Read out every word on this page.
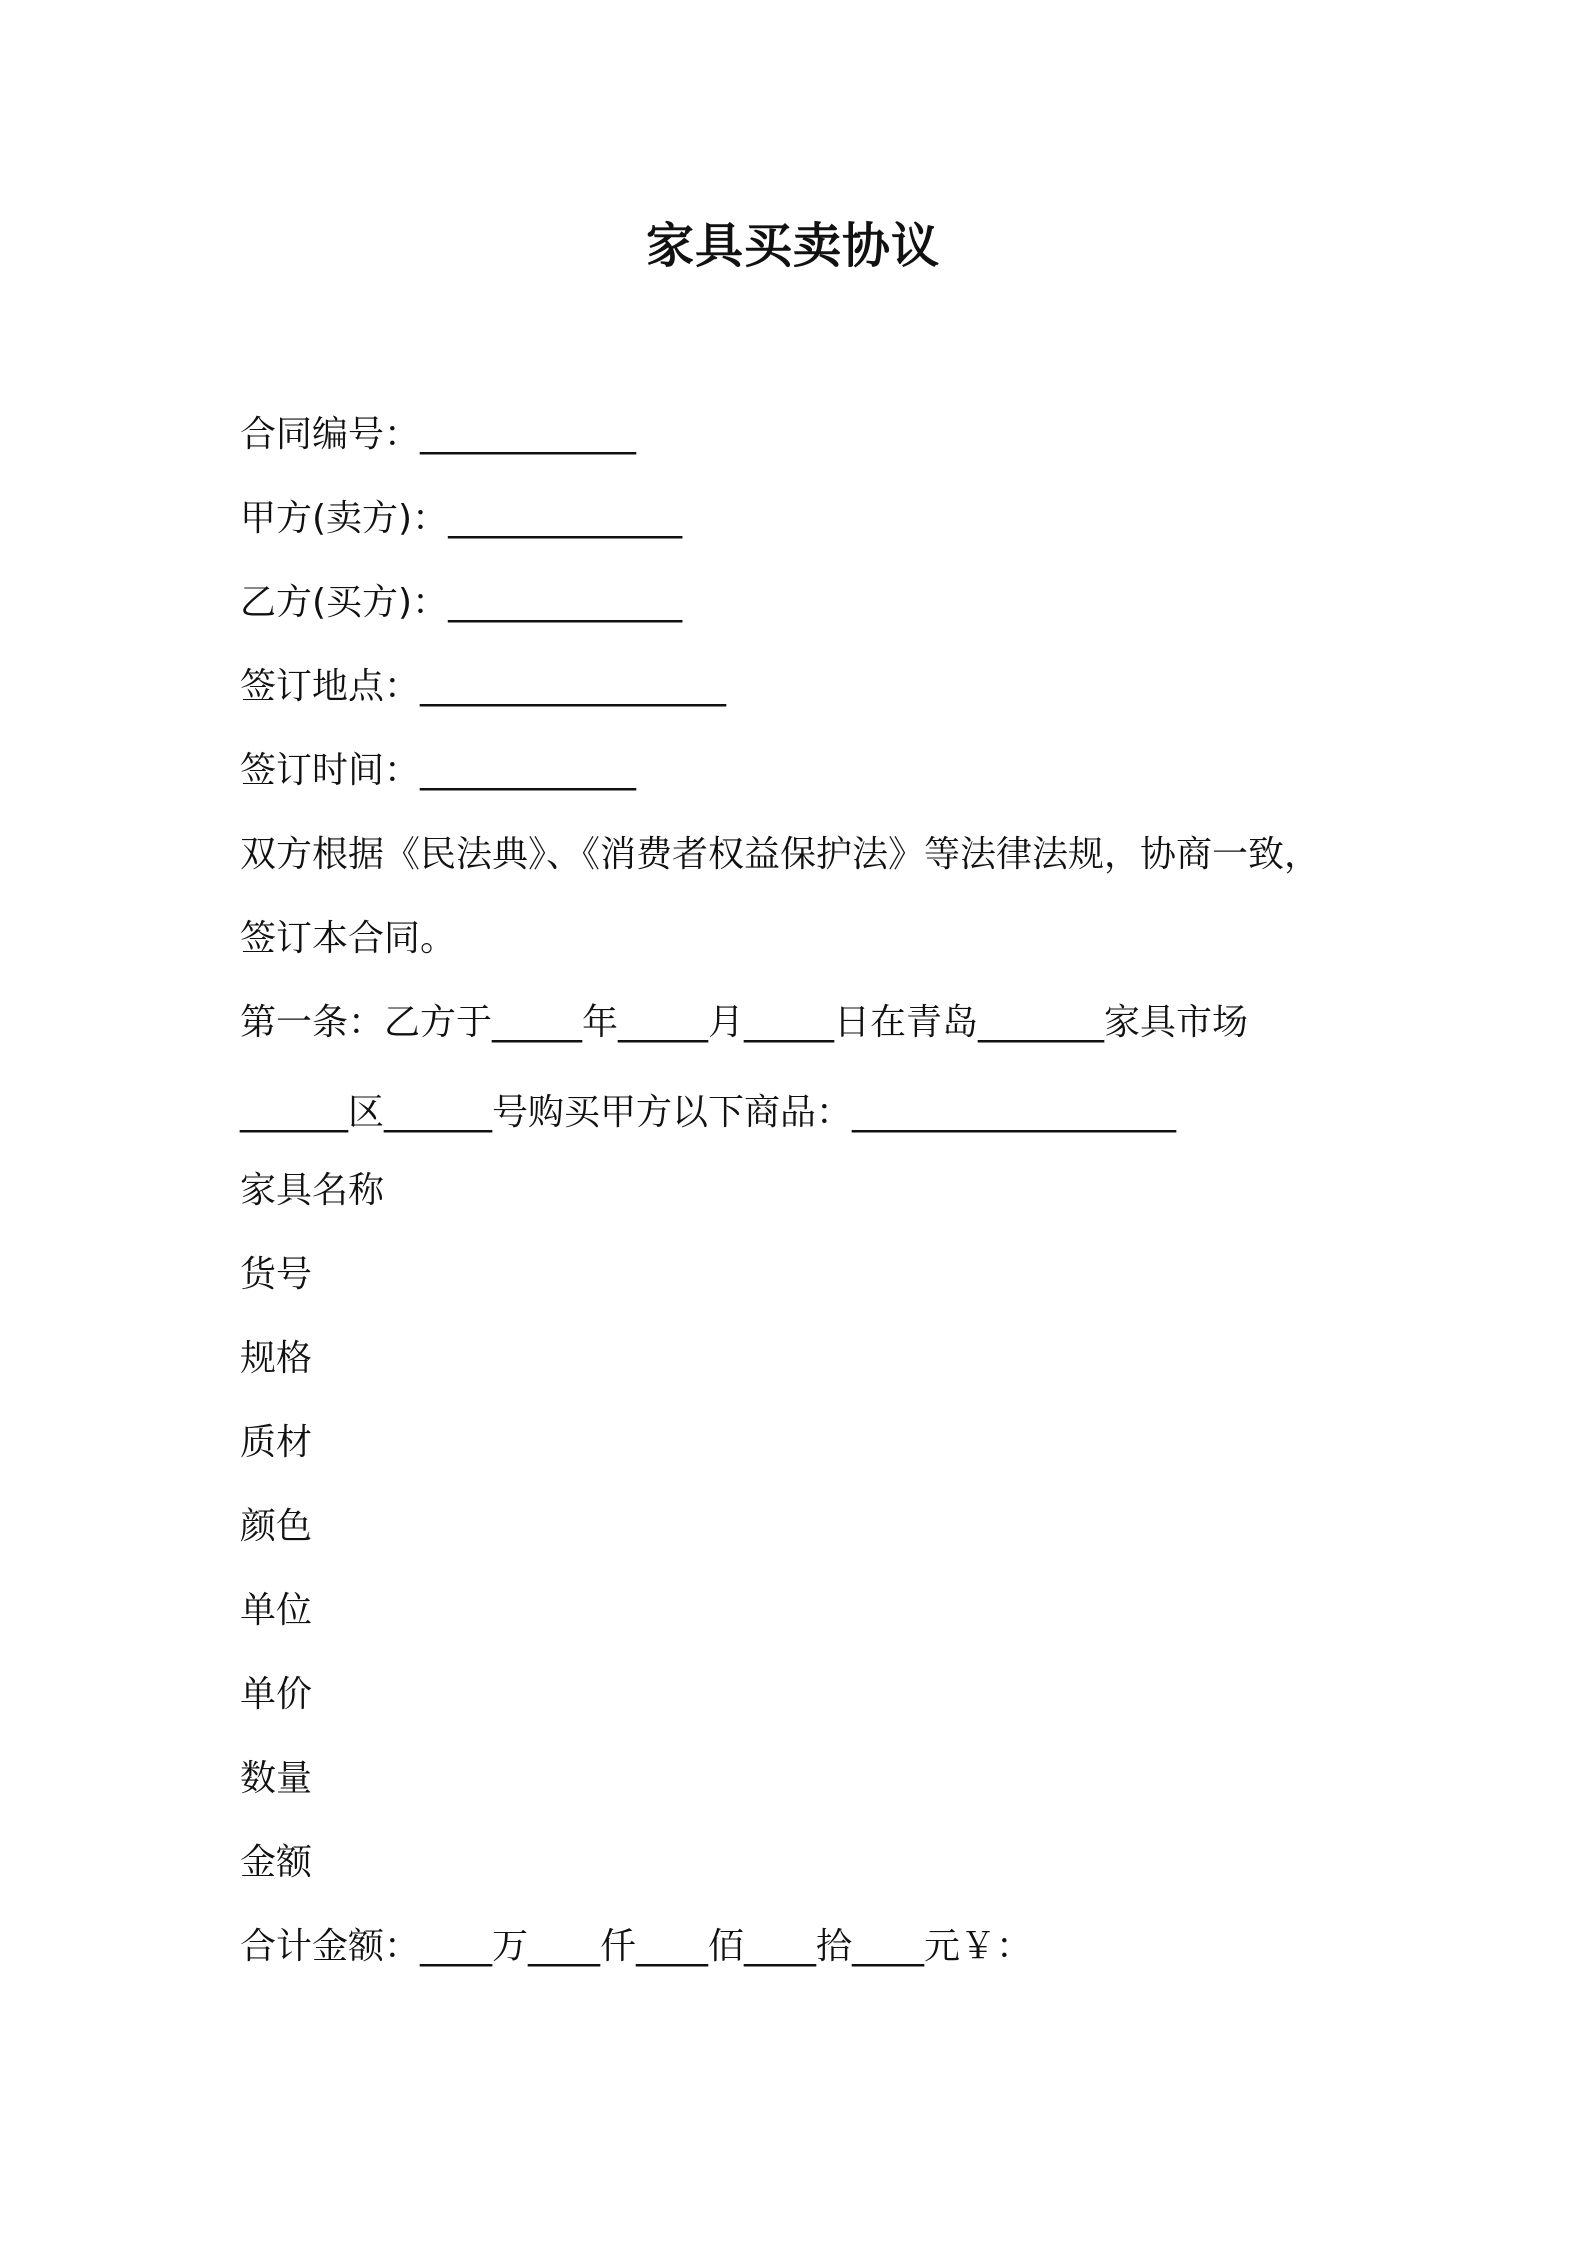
家具买卖协议
合同编号：____________
甲方(卖方)：_____________
乙方(买方)：_____________
签订地点：_________________
签订时间：____________
双方根据《民法典》、《消费者权益保护法》等法律法规，协商一致，
签订本合同。
第一条：乙方于_____年_____月_____日在青岛_______家具市场
______区______号购买甲方以下商品：__________________
家具名称
货号
规格
质材
颜色
单位
单价
数量
金额
合计金额：____万____仟____佰____拾____元￥：
